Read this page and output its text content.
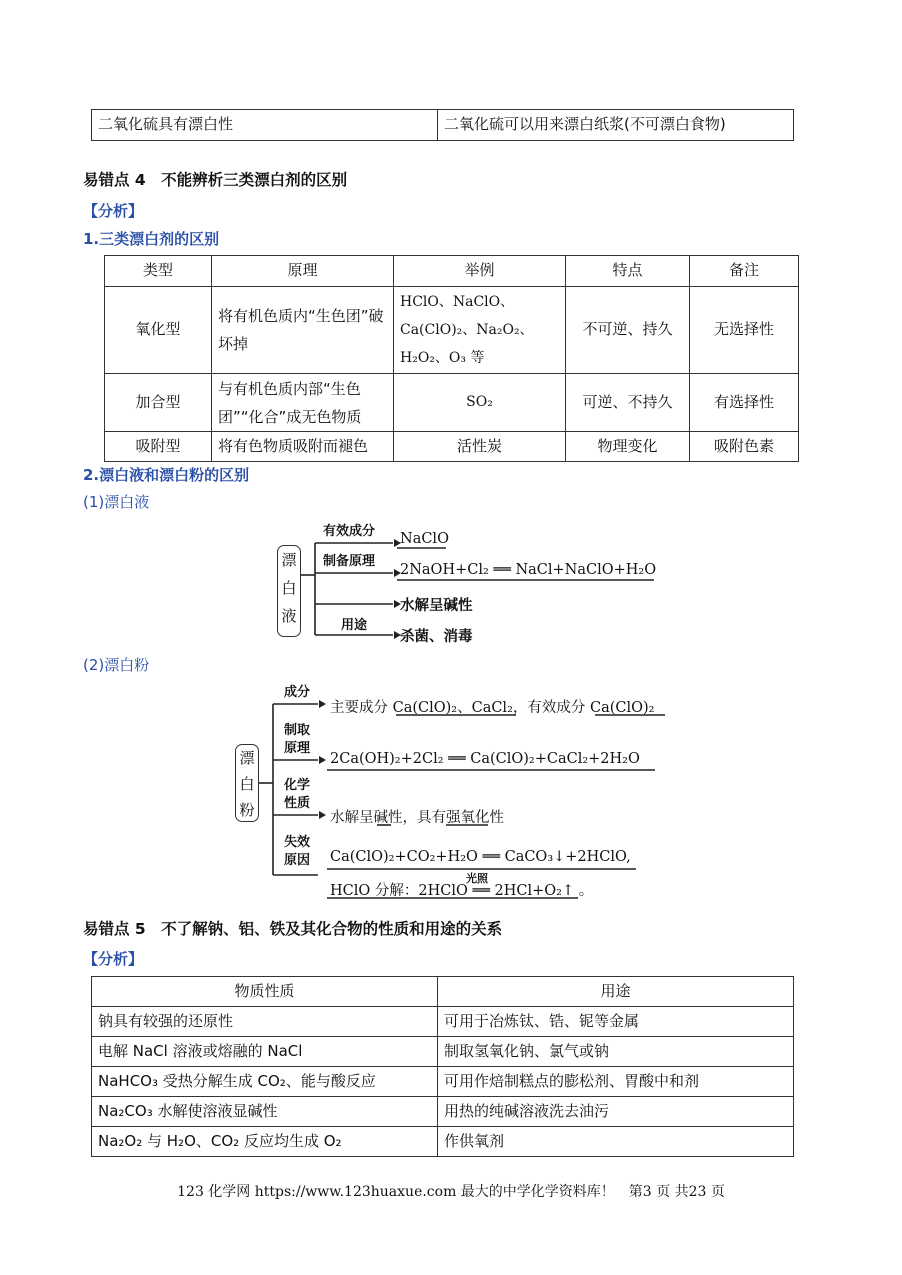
二氧化硫具有漂白性	二氧化硫可以用来漂白纸浆(不可漂白食物)
易错点 4　不能辨析三类漂白剂的区别
【分析】
1.三类漂白剂的区别
类型	原理	举例	特点	备注
氧化型	将有机色质内“生色团”破坏掉	HClO、NaClO、
Ca(ClO)₂、Na₂O₂、
H₂O₂、O₃ 等	不可逆、持久	无选择性
加合型	与有机色质内部“生色团”“化合”成无色物质	SO₂	可逆、不持久	有选择性
吸附型	将有色物质吸附而褪色	活性炭	物理变化	吸附色素
2.漂白液和漂白粉的区别
(1)漂白液
漂
白
液
有效成分 NaClO
制备原理
2NaOH+Cl₂ ══ NaCl+NaClO+H₂O
水解呈碱性
用途
杀菌、消毒
(2)漂白粉
漂
白
粉
成分
主要成分 Ca(ClO)₂、CaCl₂，有效成分 Ca(ClO)₂
制取
原理
2Ca(OH)₂+2Cl₂ ══ Ca(ClO)₂+CaCl₂+2H₂O
化学
性质
水解呈碱性，具有强氧化性
失效
原因 Ca(ClO)₂+CO₂+H₂O ══ CaCO₃↓+2HClO,
光照
HClO 分解：2HClO ══ 2HCl+O₂↑ 。
易错点 5　不了解钠、铝、铁及其化合物的性质和用途的关系
【分析】
物质性质	用途
钠具有较强的还原性	可用于冶炼钛、锆、铌等金属
电解 NaCl 溶液或熔融的 NaCl	制取氢氧化钠、氯气或钠
NaHCO₃ 受热分解生成 CO₂、能与酸反应	可用作焙制糕点的膨松剂、胃酸中和剂
Na₂CO₃ 水解使溶液显碱性	用热的纯碱溶液洗去油污
Na₂O₂ 与 H₂O、CO₂ 反应均生成 O₂	作供氧剂
123 化学网 https://www.123huaxue.com 最大的中学化学资料库！　第3 页 共23 页
